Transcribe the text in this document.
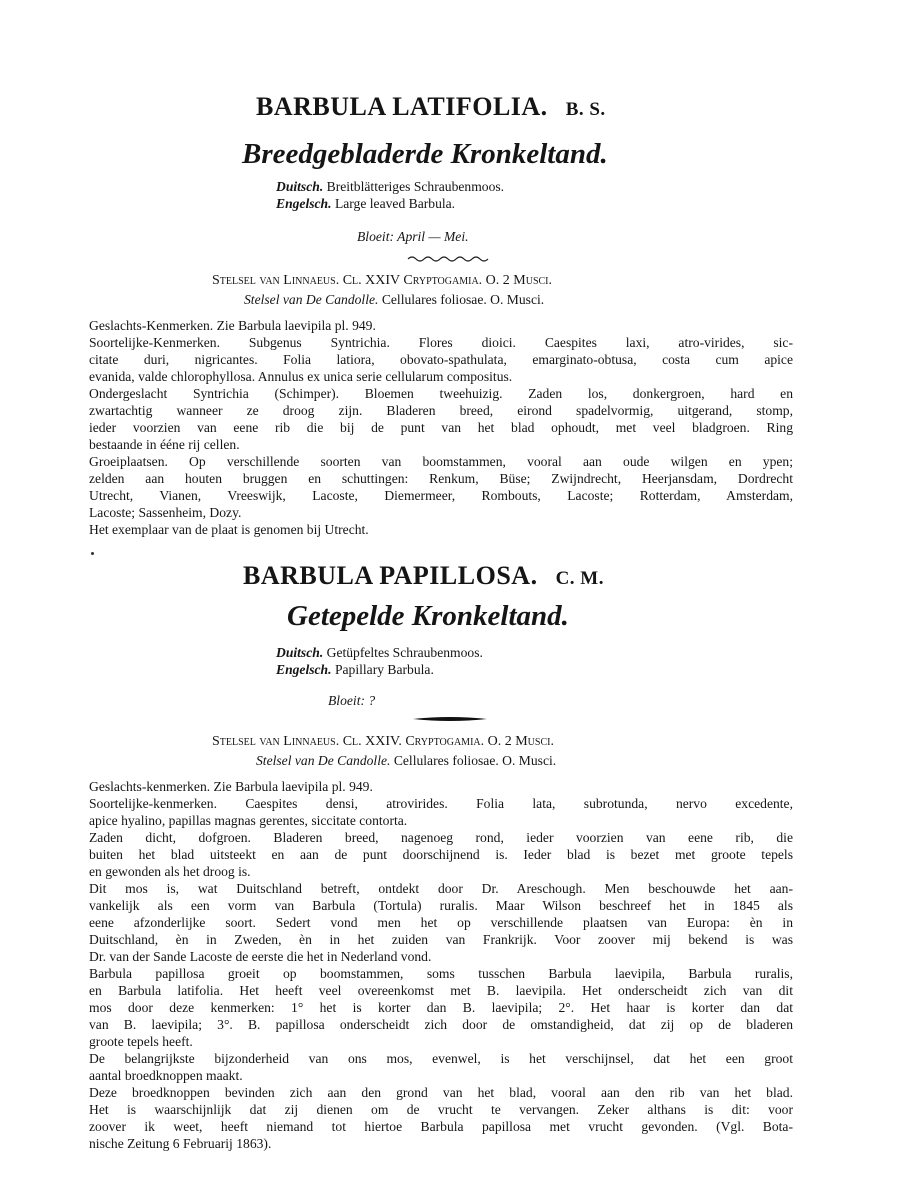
BARBULA LATIFOLIA. B. S.
Breedgebladerde Kronkeltand.
Duitsch. Breitblätteriges Schraubenmoos.
Engelsch. Large leaved Barbula.
Bloeit: April — Mei.
Stelsel van Linnaeus. Cl. XXIV Cryptogamia. O. 2 Musci.
Stelsel van De Candolle. Cellulares foliosae. O. Musci.
Geslachts-Kenmerken. Zie Barbula laevipila pl. 949.
Soortelijke-Kenmerken. Subgenus Syntrichia. Flores dioici. Caespites laxi, atro-virides, sic-
citate duri, nigricantes. Folia latiora, obovato-spathulata, emarginato-obtusa, costa cum apice
evanida, valde chlorophyllosa. Annulus ex unica serie cellularum compositus.
Ondergeslacht Syntrichia (Schimper). Bloemen tweehuizig. Zaden los, donkergroen, hard en
zwartachtig wanneer ze droog zijn. Bladeren breed, eirond spadelvormig, uitgerand, stomp,
ieder voorzien van eene rib die bij de punt van het blad ophoudt, met veel bladgroen. Ring
bestaande in ééne rij cellen.
Groeiplaatsen. Op verschillende soorten van boomstammen, vooral aan oude wilgen en ypen;
zelden aan houten bruggen en schuttingen: Renkum, Büse; Zwijndrecht, Heerjansdam, Dordrecht
Utrecht, Vianen, Vreeswijk, Lacoste, Diemermeer, Rombouts, Lacoste; Rotterdam, Amsterdam,
Lacoste; Sassenheim, Dozy.
Het exemplaar van de plaat is genomen bij Utrecht.
BARBULA PAPILLOSA. C. M.
Getepelde Kronkeltand.
Duitsch. Getüpfeltes Schraubenmoos.
Engelsch. Papillary Barbula.
Bloeit: ?
Stelsel van Linnaeus. Cl. XXIV. Cryptogamia. O. 2 Musci.
Stelsel van De Candolle. Cellulares foliosae. O. Musci.
Geslachts-kenmerken. Zie Barbula laevipila pl. 949.
Soortelijke-kenmerken. Caespites densi, atrovirides. Folia lata, subrotunda, nervo excedente,
apice hyalino, papillas magnas gerentes, siccitate contorta.
Zaden dicht, dofgroen. Bladeren breed, nagenoeg rond, ieder voorzien van eene rib, die
buiten het blad uitsteekt en aan de punt doorschijnend is. Ieder blad is bezet met groote tepels
en gewonden als het droog is.
Dit mos is, wat Duitschland betreft, ontdekt door Dr. Areschough. Men beschouwde het aan-
vankelijk als een vorm van Barbula (Tortula) ruralis. Maar Wilson beschreef het in 1845 als
eene afzonderlijke soort. Sedert vond men het op verschillende plaatsen van Europa: èn in
Duitschland, èn in Zweden, èn in het zuiden van Frankrijk. Voor zoover mij bekend is was
Dr. van der Sande Lacoste de eerste die het in Nederland vond.
Barbula papillosa groeit op boomstammen, soms tusschen Barbula laevipila, Barbula ruralis,
en Barbula latifolia. Het heeft veel overeenkomst met B. laevipila. Het onderscheidt zich van dit
mos door deze kenmerken: 1° het is korter dan B. laevipila; 2°. Het haar is korter dan dat
van B. laevipila; 3°. B. papillosa onderscheidt zich door de omstandigheid, dat zij op de bladeren
groote tepels heeft.
De belangrijkste bijzonderheid van ons mos, evenwel, is het verschijnsel, dat het een groot
aantal broedknoppen maakt.
Deze broedknoppen bevinden zich aan den grond van het blad, vooral aan den rib van het blad.
Het is waarschijnlijk dat zij dienen om de vrucht te vervangen. Zeker althans is dit: voor
zoover ik weet, heeft niemand tot hiertoe Barbula papillosa met vrucht gevonden. (Vgl. Bota-
nische Zeitung 6 Februarij 1863).
